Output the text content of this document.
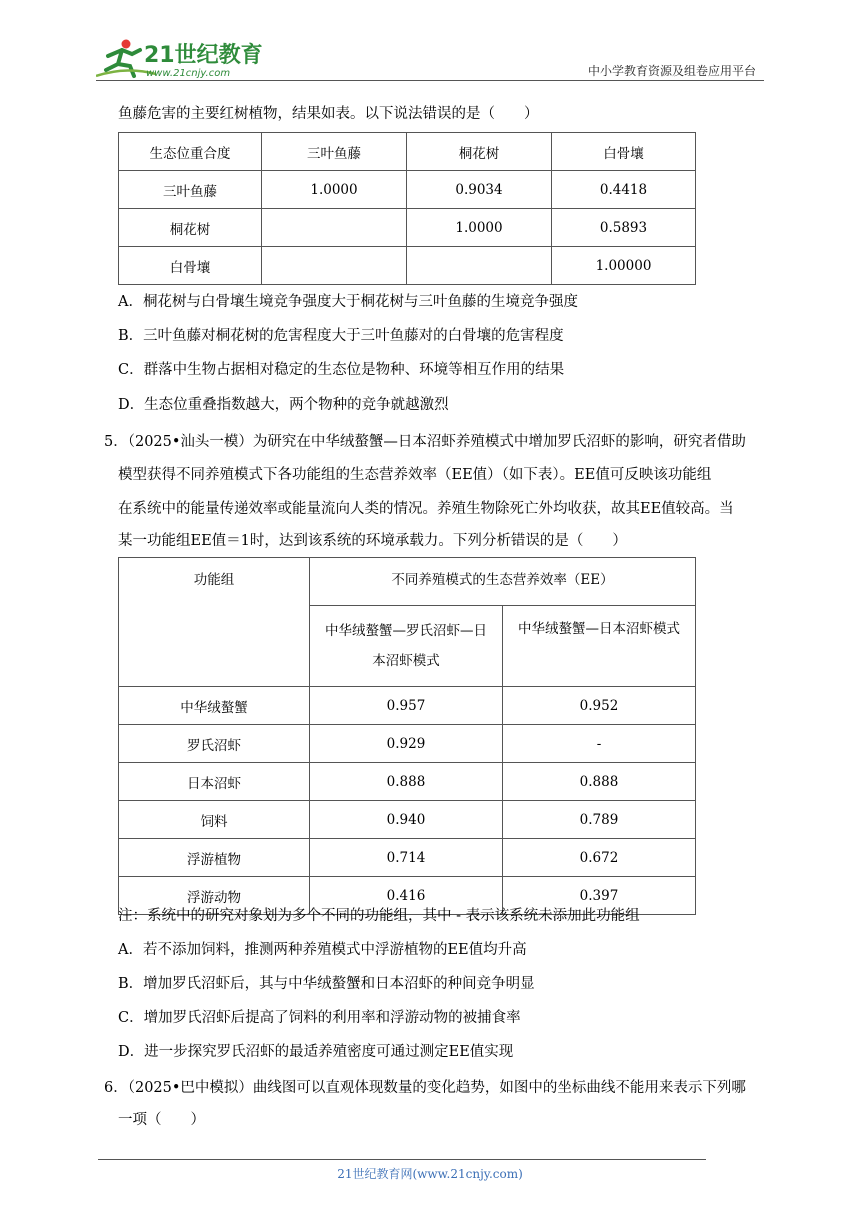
21世纪教育
www.21cnjy.com	中小学教育资源及组卷应用平台
鱼藤危害的主要红树植物，结果如表。以下说法错误的是（　　）
生态位重合度	三叶鱼藤	桐花树	白骨壤
三叶鱼藤	1.0000	0.9034	0.4418
桐花树		1.0000	0.5893
白骨壤			1.00000
A．桐花树与白骨壤生境竞争强度大于桐花树与三叶鱼藤的生境竞争强度
B．三叶鱼藤对桐花树的危害程度大于三叶鱼藤对的白骨壤的危害程度
C．群落中生物占据相对稳定的生态位是物种、环境等相互作用的结果
D．生态位重叠指数越大，两个物种的竞争就越激烈
5．（2025•汕头一模）为研究在中华绒螯蟹—日本沼虾养殖模式中增加罗氏沼虾的影响，研究者借助
模型获得不同养殖模式下各功能组的生态营养效率（EE值）（如下表）。EE值可反映该功能组
在系统中的能量传递效率或能量流向人类的情况。养殖生物除死亡外均收获，故其EE值较高。当
某一功能组EE值＝1时，达到该系统的环境承载力。下列分析错误的是（　　）
功能组	不同养殖模式的生态营养效率（EE）	
	中华绒螯蟹—罗氏沼虾—日
本沼虾模式	中华绒螯蟹—日本沼虾模式
中华绒螯蟹	0.957	0.952
罗氏沼虾	0.929	-
日本沼虾	0.888	0.888
饲料	0.940	0.789
浮游植物	0.714	0.672
浮游动物	0.416	0.397
注：系统中的研究对象划为多个不同的功能组，其中 - 表示该系统未添加此功能组
A．若不添加饲料，推测两种养殖模式中浮游植物的EE值均升高
B．增加罗氏沼虾后，其与中华绒螯蟹和日本沼虾的种间竞争明显
C．增加罗氏沼虾后提高了饲料的利用率和浮游动物的被捕食率
D．进一步探究罗氏沼虾的最适养殖密度可通过测定EE值实现
6．（2025•巴中模拟）曲线图可以直观体现数量的变化趋势，如图中的坐标曲线不能用来表示下列哪
一项（　　）
21世纪教育网(www.21cnjy.com)
